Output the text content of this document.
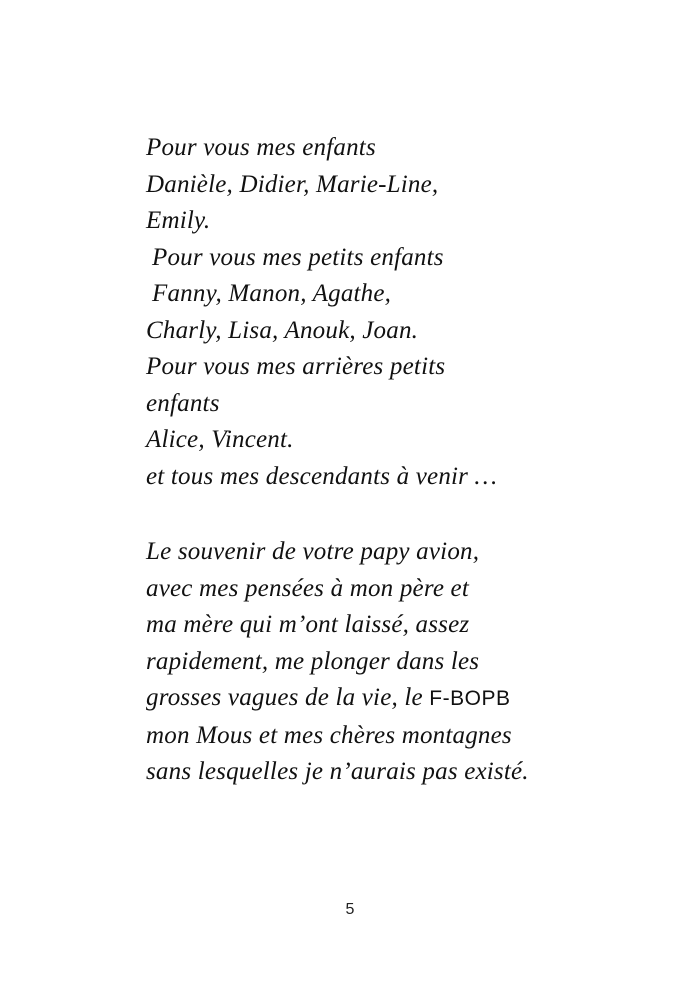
Pour vous mes enfants
Danièle, Didier, Marie-Line,
Emily.
Pour vous mes petits enfants
Fanny, Manon, Agathe,
Charly, Lisa, Anouk, Joan.
Pour vous mes arrières petits
enfants
Alice, Vincent.
et tous mes descendants à venir …
Le souvenir de votre papy avion,
avec mes pensées à mon père et
ma mère qui m’ont laissé, assez
rapidement, me plonger dans les
grosses vagues de la vie, le F-BOPB
mon Mous et mes chères montagnes
sans lesquelles je n’aurais pas existé.
5
